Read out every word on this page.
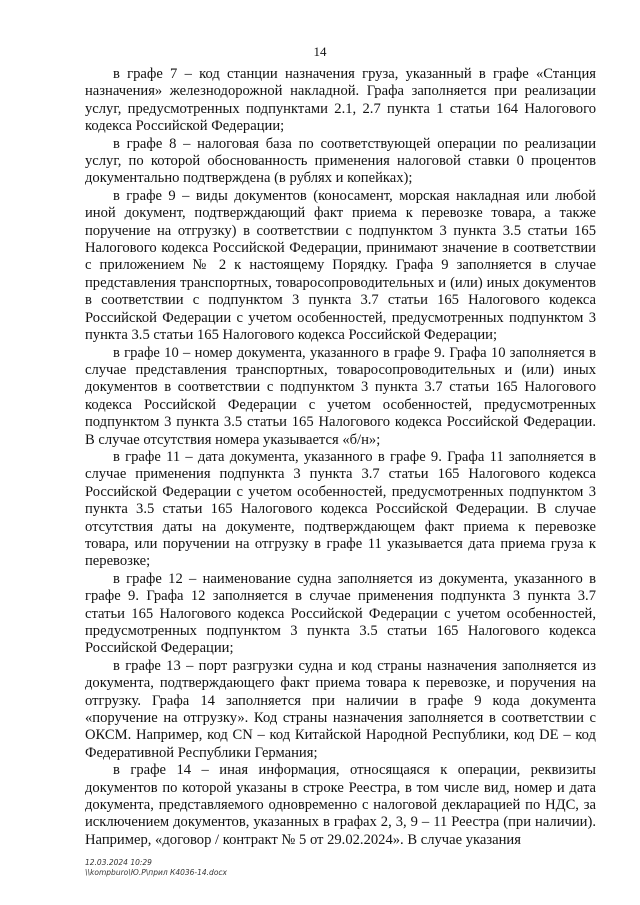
14

в графе 7 – код станции назначения груза, указанный в графе «Станция назначения» железнодорожной накладной. Графа заполняется при реализации услуг, предусмотренных подпунктами 2.1, 2.7 пункта 1 статьи 164 Налогового кодекса Российской Федерации;

в графе 8 – налоговая база по соответствующей операции по реализации услуг, по которой обоснованность применения налоговой ставки 0 процентов документально подтверждена (в рублях и копейках);

в графе 9 – виды документов (коносамент, морская накладная или любой иной документ, подтверждающий факт приема к перевозке товара, а также поручение на отгрузку) в соответствии с подпунктом 3 пункта 3.5 статьи 165 Налогового кодекса Российской Федерации, принимают значение в соответствии с приложением № 2 к настоящему Порядку. Графа 9 заполняется в случае представления транспортных, товаросопроводительных и (или) иных документов в соответствии с подпунктом 3 пункта 3.7 статьи 165 Налогового кодекса Российской Федерации с учетом особенностей, предусмотренных подпунктом 3 пункта 3.5 статьи 165 Налогового кодекса Российской Федерации;

в графе 10 – номер документа, указанного в графе 9. Графа 10 заполняется в случае представления транспортных, товаросопроводительных и (или) иных документов в соответствии с подпунктом 3 пункта 3.7 статьи 165 Налогового кодекса Российской Федерации с учетом особенностей, предусмотренных подпунктом 3 пункта 3.5 статьи 165 Налогового кодекса Российской Федерации. В случае отсутствия номера указывается «б/н»;

в графе 11 – дата документа, указанного в графе 9. Графа 11 заполняется в случае применения подпункта 3 пункта 3.7 статьи 165 Налогового кодекса Российской Федерации с учетом особенностей, предусмотренных подпунктом 3 пункта 3.5 статьи 165 Налогового кодекса Российской Федерации. В случае отсутствия даты на документе, подтверждающем факт приема к перевозке товара, или поручении на отгрузку в графе 11 указывается дата приема груза к перевозке;

в графе 12 – наименование судна заполняется из документа, указанного в графе 9. Графа 12 заполняется в случае применения подпункта 3 пункта 3.7 статьи 165 Налогового кодекса Российской Федерации с учетом особенностей, предусмотренных подпунктом 3 пункта 3.5 статьи 165 Налогового кодекса Российской Федерации;

в графе 13 – порт разгрузки судна и код страны назначения заполняется из документа, подтверждающего факт приема товара к перевозке, и поручения на отгрузку. Графа 14 заполняется при наличии в графе 9 кода документа «поручение на отгрузку». Код страны назначения заполняется в соответствии с ОКСМ. Например, код CN – код Китайской Народной Республики, код DE – код Федеративной Республики Германия;

в графе 14 – иная информация, относящаяся к операции, реквизиты документов по которой указаны в строке Реестра, в том числе вид, номер и дата документа, представляемого одновременно с налоговой декларацией по НДС, за исключением документов, указанных в графах 2, 3, 9 – 11 Реестра (при наличии). Например, «договор / контракт № 5 от 29.02.2024». В случае указания

12.03.2024 10:29
\\kompburo\Ю.Р\прил К4036-14.docx
